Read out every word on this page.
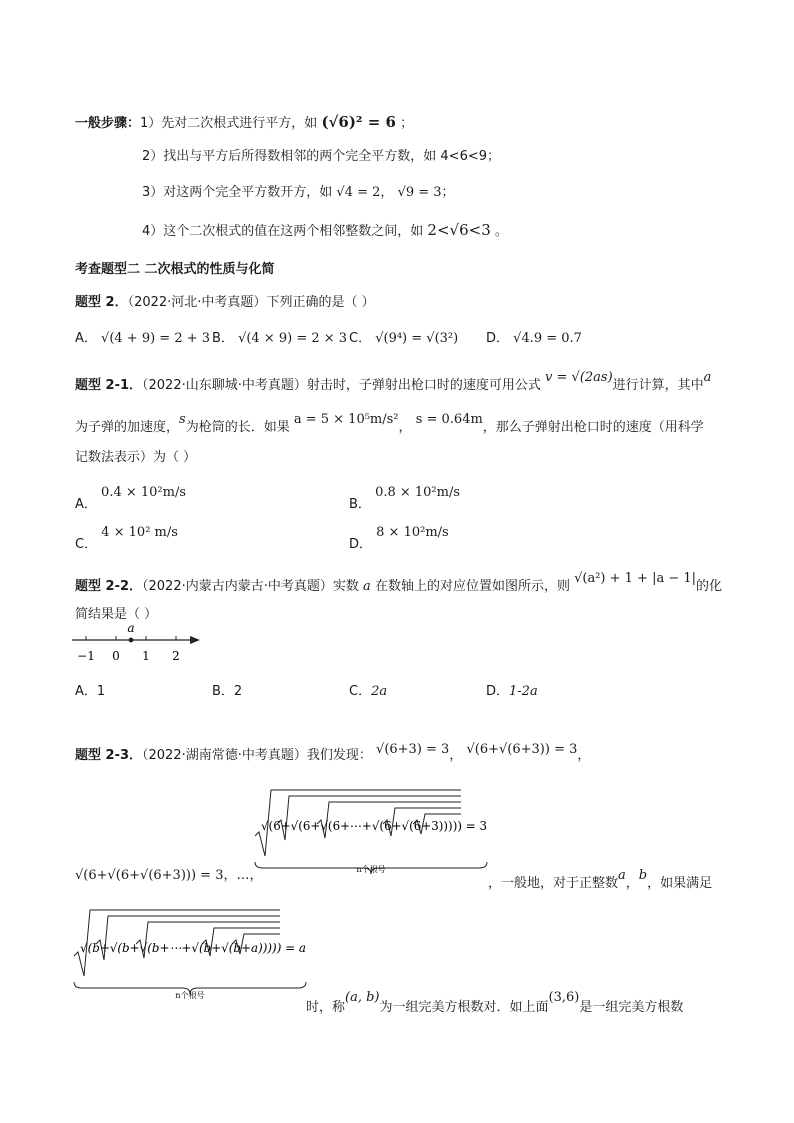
一般步骤：1）先对二次根式进行平方，如 (√6)² = 6 ；
2）找出与平方后所得数相邻的两个完全平方数，如 4<6<9；
3）对这两个完全平方数开方，如 √4 = 2， √9 = 3；
4）这个二次根式的值在这两个相邻整数之间，如 2<√6<3 。
考查题型二 二次根式的性质与化简
题型 2．（2022·河北·中考真题）下列正确的是（ ）
A． √(4 + 9) = 2 + 3 B． √(4 × 9) = 2 × 3 C． √(9⁴) = √(3²) D． √4.9 = 0.7
题型 2-1．（2022·山东聊城·中考真题）射击时，子弹射出枪口时的速度可用公式 v = √(2as)进行计算，其中a
为子弹的加速度，s为枪筒的长．如果 a = 5 × 10⁵m/s²， s = 0.64m，那么子弹射出枪口时的速度（用科学
记数法表示）为（ ）
A． 0.4 × 10²m/s
B． 0.8 × 10²m/s
C． 4 × 10² m/s
D． 8 × 10²m/s
题型 2-2．（2022·内蒙古内蒙古·中考真题）实数 a 在数轴上的对应位置如图所示，则 √(a²) + 1 + |a − 1|的化
简结果是（ ）
−1 0 1 2
a
A．1	B．2	C．2a	D．1-2a
题型 2-3．（2022·湖南常德·中考真题）我们发现： √(6+3) = 3， √(6+√(6+3)) = 3，
√(6+√(6+√(6+3))) = 3，…，
√(6+√(6+√(6+⋯+√(6+√(6+3))))) = 3
n个根号
，一般地，对于正整数a，b，如果满足
√(b+√(b+√(b+⋯+√(b+√(b+a))))) = a
n个根号
时，称(a, b)为一组完美方根数对．如上面(3,6)是一组完美方根数
